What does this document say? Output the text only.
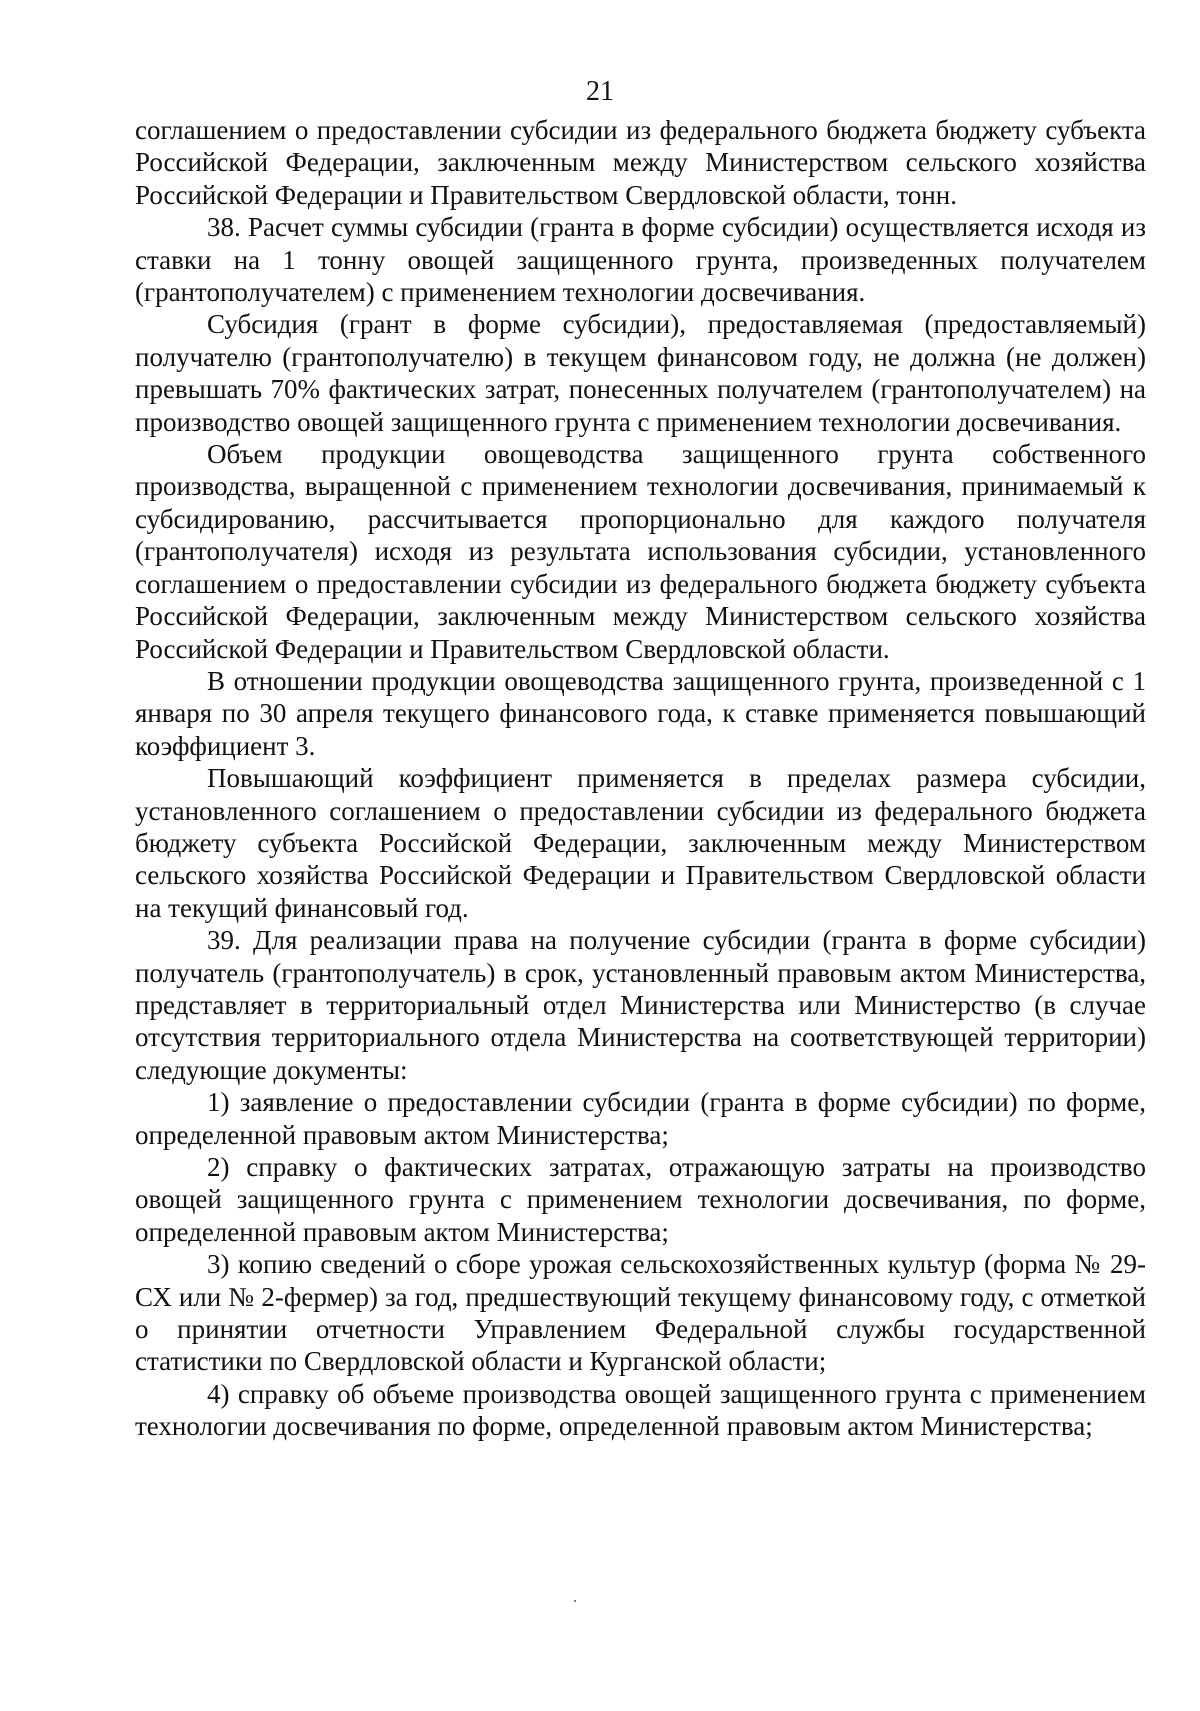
21

соглашением о предоставлении субсидии из федерального бюджета бюджету субъекта Российской Федерации, заключенным между Министерством сельского хозяйства Российской Федерации и Правительством Свердловской области, тонн.

38. Расчет суммы субсидии (гранта в форме субсидии) осуществляется исходя из ставки на 1 тонну овощей защищенного грунта, произведенных получателем (грантополучателем) с применением технологии досвечивания.

Субсидия (грант в форме субсидии), предоставляемая (предоставляемый) получателю (грантополучателю) в текущем финансовом году, не должна (не должен) превышать 70% фактических затрат, понесенных получателем (грантополучателем) на производство овощей защищенного грунта с применением технологии досвечивания.

Объем продукции овощеводства защищенного грунта собственного производства, выращенной с применением технологии досвечивания, принимаемый к субсидированию, рассчитывается пропорционально для каждого получателя (грантополучателя) исходя из результата использования субсидии, установленного соглашением о предоставлении субсидии из федерального бюджета бюджету субъекта Российской Федерации, заключенным между Министерством сельского хозяйства Российской Федерации и Правительством Свердловской области.

В отношении продукции овощеводства защищенного грунта, произведенной с 1 января по 30 апреля текущего финансового года, к ставке применяется повышающий коэффициент 3.

Повышающий коэффициент применяется в пределах размера субсидии, установленного соглашением о предоставлении субсидии из федерального бюджета бюджету субъекта Российской Федерации, заключенным между Министерством сельского хозяйства Российской Федерации и Правительством Свердловской области на текущий финансовый год.

39. Для реализации права на получение субсидии (гранта в форме субсидии) получатель (грантополучатель) в срок, установленный правовым актом Министерства, представляет в территориальный отдел Министерства или Министерство (в случае отсутствия территориального отдела Министерства на соответствующей территории) следующие документы:

1) заявление о предоставлении субсидии (гранта в форме субсидии) по форме, определенной правовым актом Министерства;

2) справку о фактических затратах, отражающую затраты на производство овощей защищенного грунта с применением технологии досвечивания, по форме, определенной правовым актом Министерства;

3) копию сведений о сборе урожая сельскохозяйственных культур (форма № 29-СХ или № 2-фермер) за год, предшествующий текущему финансовому году, с отметкой о принятии отчетности Управлением Федеральной службы государственной статистики по Свердловской области и Курганской области;

4) справку об объеме производства овощей защищенного грунта с применением технологии досвечивания по форме, определенной правовым актом Министерства;
